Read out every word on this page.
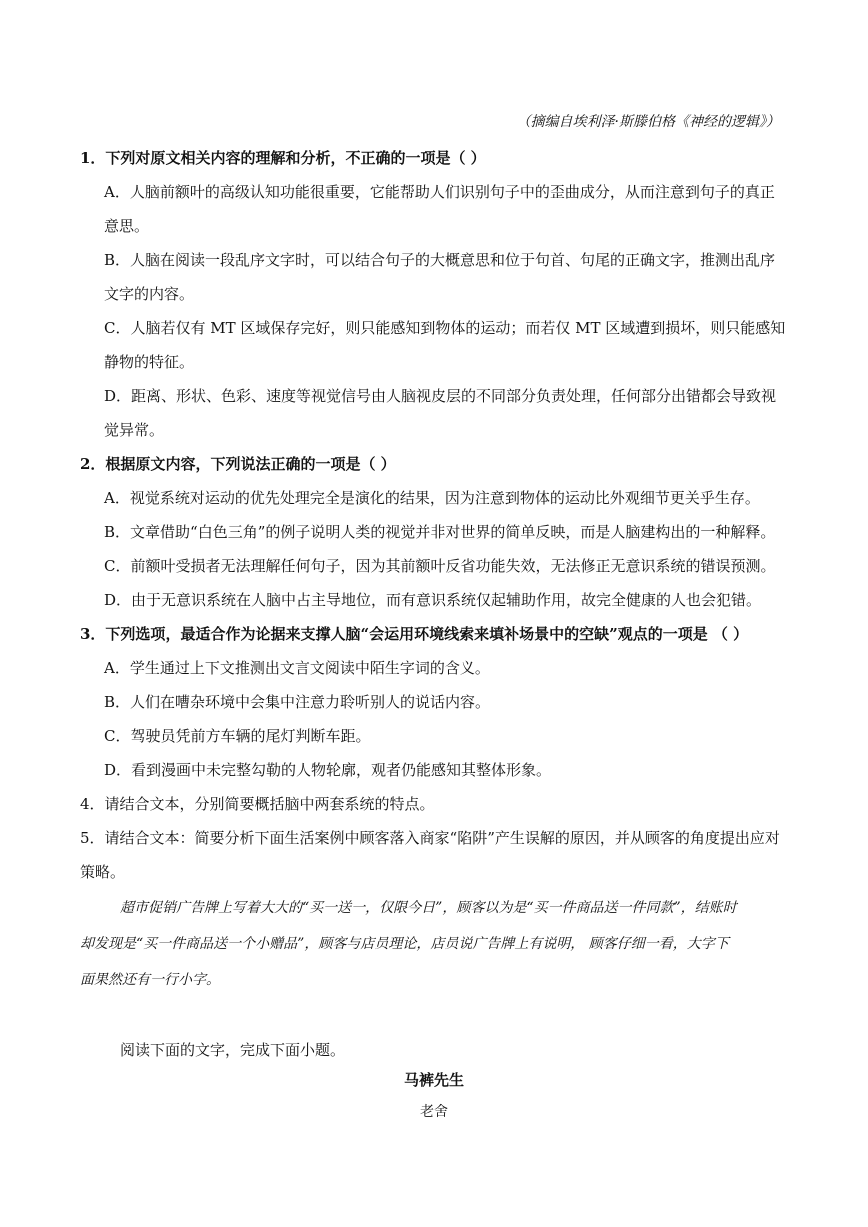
（摘编自埃利泽·斯滕伯格《神经的逻辑》）
1．下列对原文相关内容的理解和分析，不正确的一项是（ ）
A．人脑前额叶的高级认知功能很重要，它能帮助人们识别句子中的歪曲成分，从而注意到句子的真正
意思。
B．人脑在阅读一段乱序文字时，可以结合句子的大概意思和位于句首、句尾的正确文字，推测出乱序
文字的内容。
C．人脑若仅有 MT 区域保存完好，则只能感知到物体的运动；而若仅 MT 区域遭到损坏，则只能感知
静物的特征。
D．距离、形状、色彩、速度等视觉信号由人脑视皮层的不同部分负责处理，任何部分出错都会导致视
觉异常。
2．根据原文内容，下列说法正确的一项是（ ）
A．视觉系统对运动的优先处理完全是演化的结果，因为注意到物体的运动比外观细节更关乎生存。
B．文章借助“白色三角”的例子说明人类的视觉并非对世界的简单反映，而是人脑建构出的一种解释。
C．前额叶受损者无法理解任何句子，因为其前额叶反省功能失效，无法修正无意识系统的错误预测。
D．由于无意识系统在人脑中占主导地位，而有意识系统仅起辅助作用，故完全健康的人也会犯错。
3．下列选项，最适合作为论据来支撑人脑“会运用环境线索来填补场景中的空缺”观点的一项是 （ ）
A．学生通过上下文推测出文言文阅读中陌生字词的含义。
B．人们在嘈杂环境中会集中注意力聆听别人的说话内容。
C．驾驶员凭前方车辆的尾灯判断车距。
D．看到漫画中未完整勾勒的人物轮廓，观者仍能感知其整体形象。
4．请结合文本，分别简要概括脑中两套系统的特点。
5．请结合文本：简要分析下面生活案例中顾客落入商家“陷阱”产生误解的原因，并从顾客的角度提出应对
策略。
超市促销广告牌上写着大大的“买一送一，仅限今日”，顾客以为是“买一件商品送一件同款”，结账时
却发现是“买一件商品送一个小赠品”，顾客与店员理论，店员说广告牌上有说明， 顾客仔细一看，大字下
面果然还有一行小字。
阅读下面的文字，完成下面小题。
马裤先生
老舍
